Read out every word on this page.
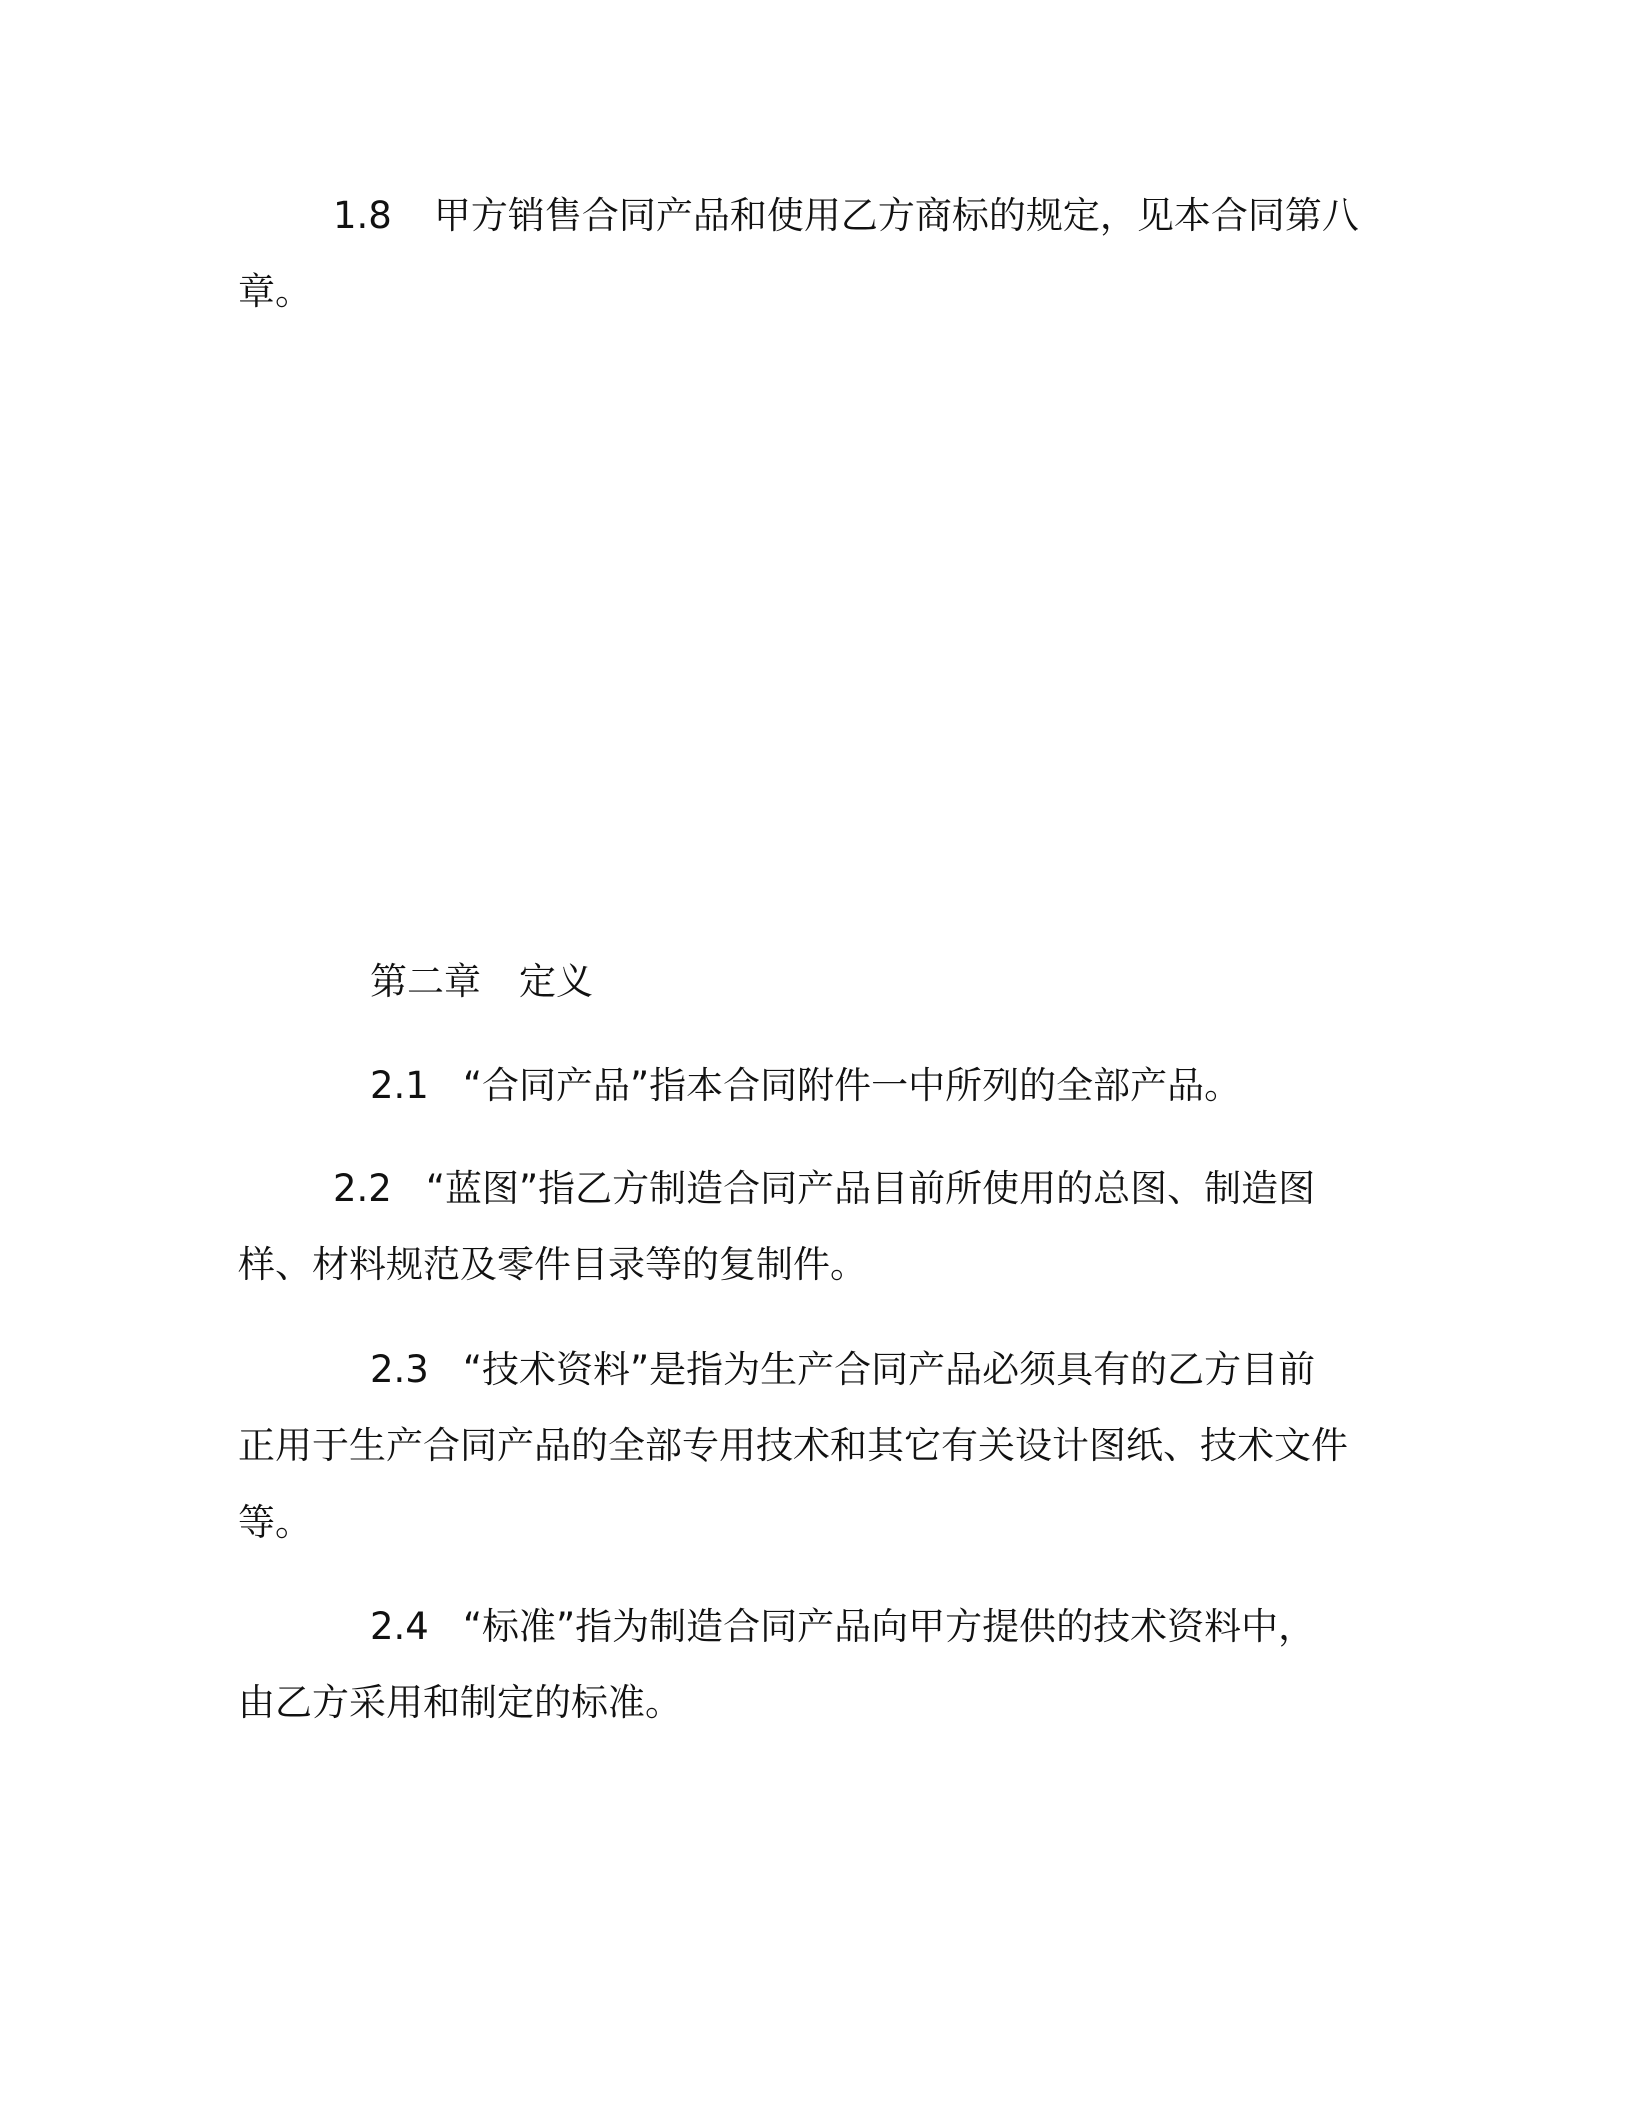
1.8 甲方销售合同产品和使用乙方商标的规定，见本合同第八
章。
第二章 定义
2.1 “合同产品”指本合同附件一中所列的全部产品。
2.2 “蓝图”指乙方制造合同产品目前所使用的总图、制造图
样、材料规范及零件目录等的复制件。
2.3 “技术资料”是指为生产合同产品必须具有的乙方目前
正用于生产合同产品的全部专用技术和其它有关设计图纸、技术文件
等。
2.4 “标准”指为制造合同产品向甲方提供的技术资料中，
由乙方采用和制定的标准。
